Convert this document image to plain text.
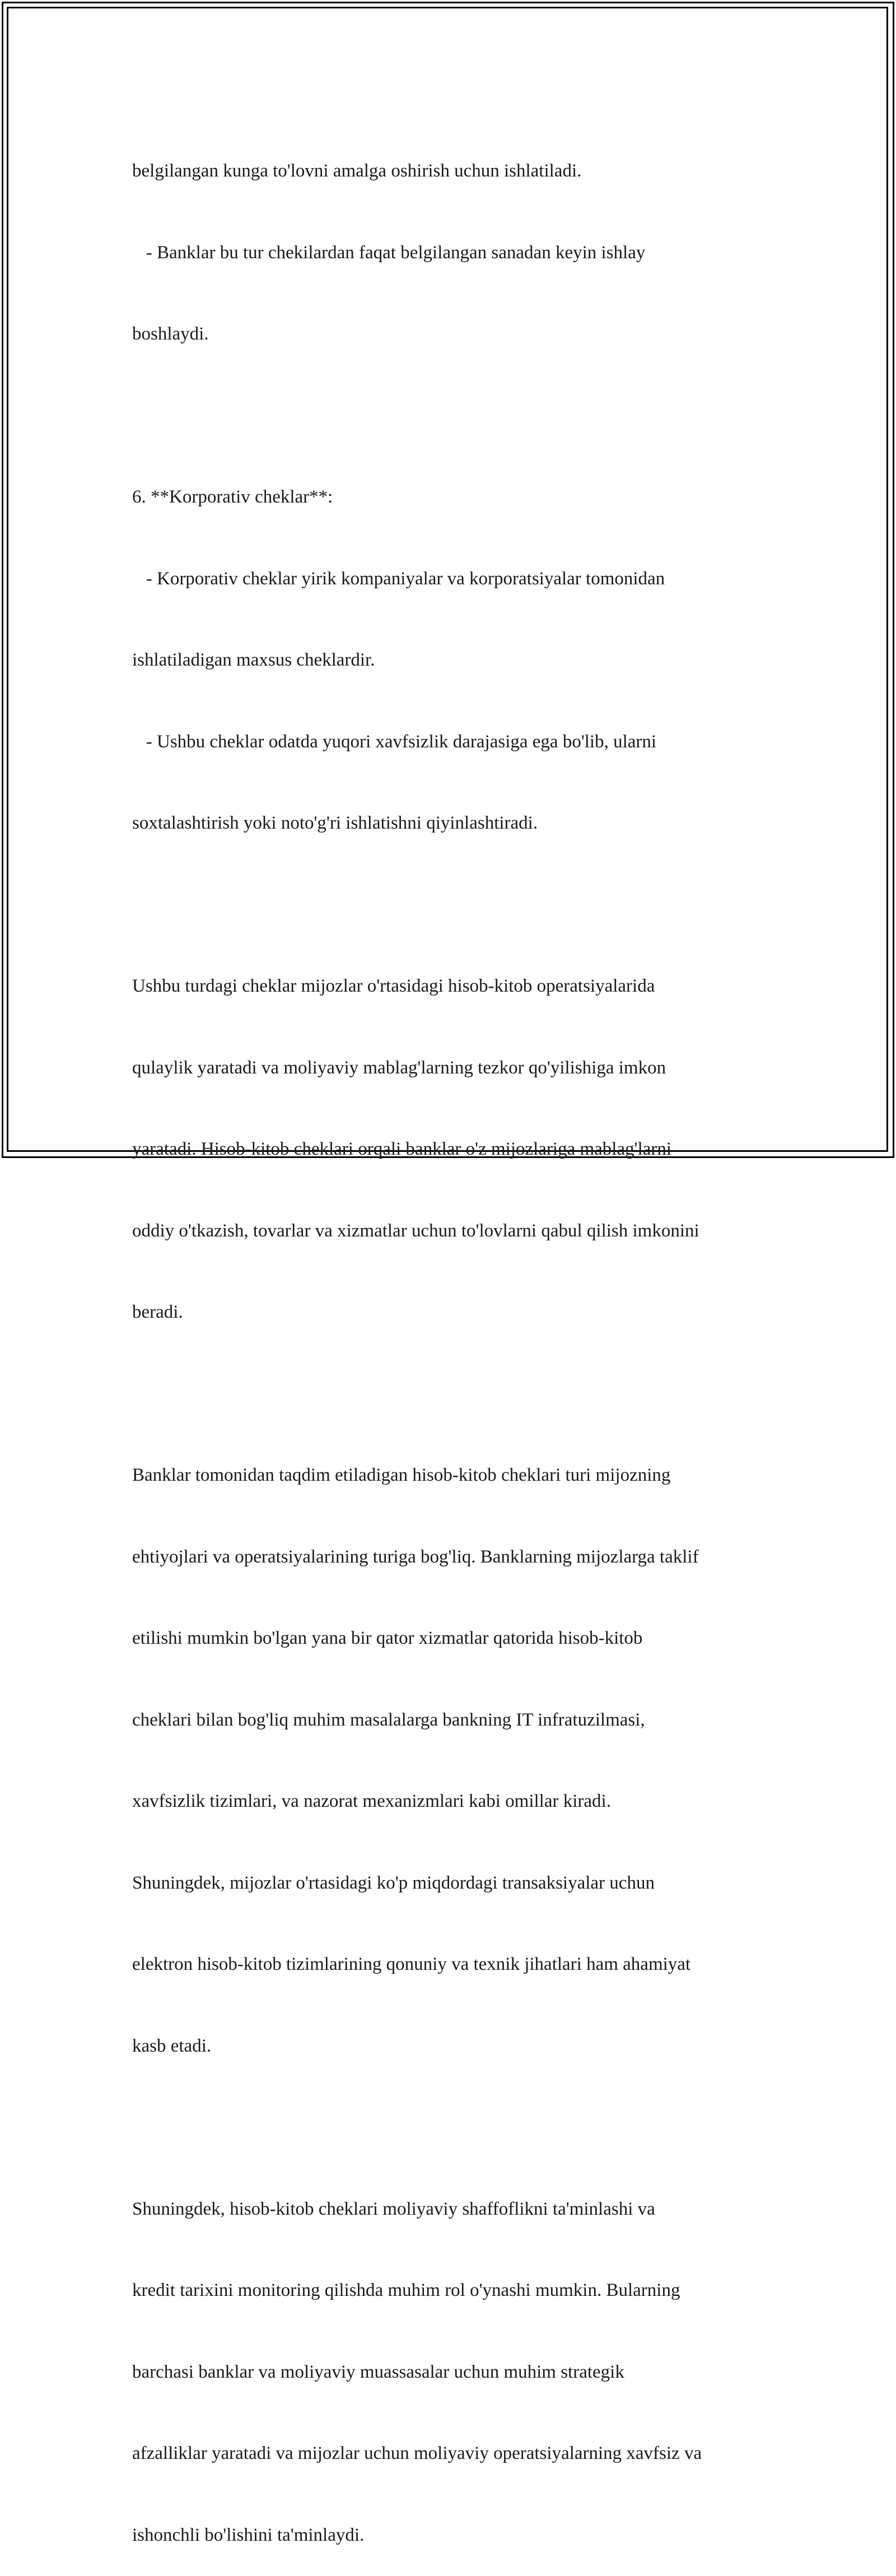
belgilangan kunga to'lovni amalga oshirish uchun ishlatiladi.

- Banklar bu tur chekilardan faqat belgilangan sanadan keyin ishlay

boshlaydi.

6. **Korporativ cheklar**:

- Korporativ cheklar yirik kompaniyalar va korporatsiyalar tomonidan

ishlatiladigan maxsus cheklardir.

- Ushbu cheklar odatda yuqori xavfsizlik darajasiga ega bo'lib, ularni

soxtalashtirish yoki noto'g'ri ishlatishni qiyinlashtiradi.

Ushbu turdagi cheklar mijozlar o'rtasidagi hisob-kitob operatsiyalarida

qulaylik yaratadi va moliyaviy mablag'larning tezkor qo'yilishiga imkon

yaratadi. Hisob-kitob cheklari orqali banklar o'z mijozlariga mablag'larni

oddiy o'tkazish, tovarlar va xizmatlar uchun to'lovlarni qabul qilish imkonini

beradi.

Banklar tomonidan taqdim etiladigan hisob-kitob cheklari turi mijozning

ehtiyojlari va operatsiyalarining turiga bog'liq. Banklarning mijozlarga taklif

etilishi mumkin bo'lgan yana bir qator xizmatlar qatorida hisob-kitob

cheklari bilan bog'liq muhim masalalarga bankning IT infratuzilmasi,

xavfsizlik tizimlari, va nazorat mexanizmlari kabi omillar kiradi.

Shuningdek, mijozlar o'rtasidagi ko'p miqdordagi transaksiyalar uchun

elektron hisob-kitob tizimlarining qonuniy va texnik jihatlari ham ahamiyat

kasb etadi.

Shuningdek, hisob-kitob cheklari moliyaviy shaffoflikni ta'minlashi va

kredit tarixini monitoring qilishda muhim rol o'ynashi mumkin. Bularning

barchasi banklar va moliyaviy muassasalar uchun muhim strategik

afzalliklar yaratadi va mijozlar uchun moliyaviy operatsiyalarning xavfsiz va

ishonchli bo'lishini ta'minlaydi.
